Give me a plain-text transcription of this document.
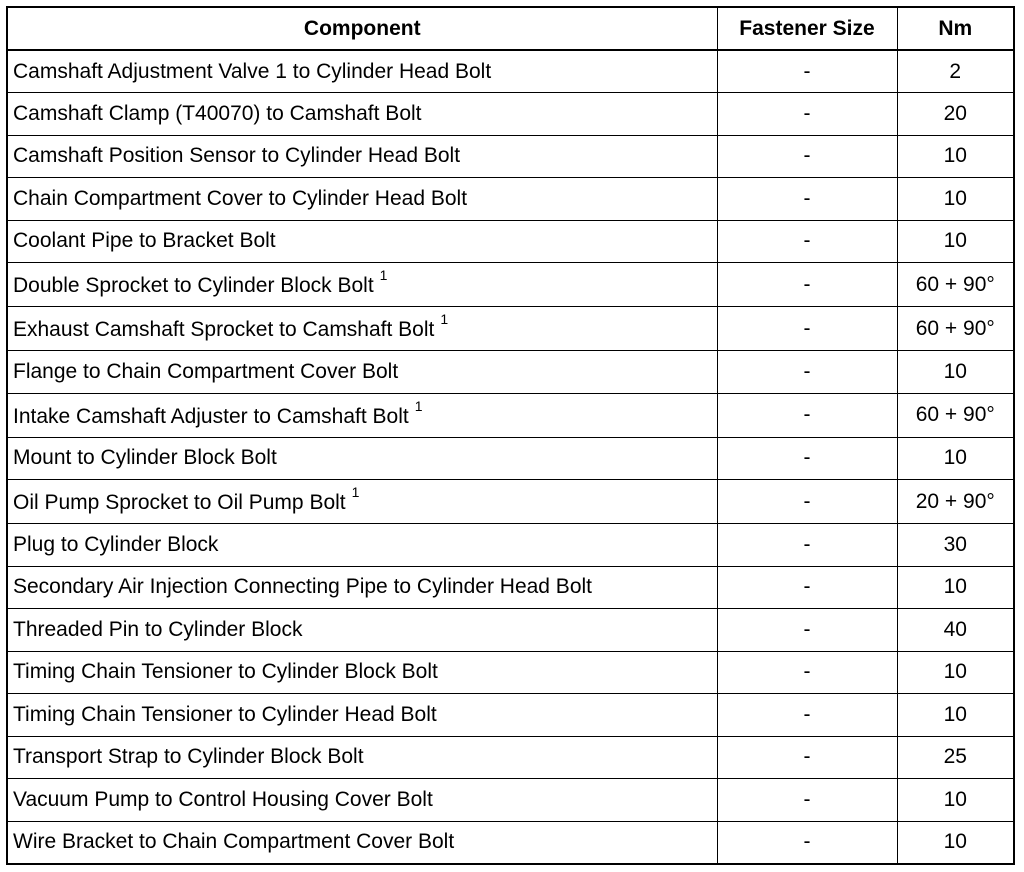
Component	Fastener Size	Nm
Camshaft Adjustment Valve 1 to Cylinder Head Bolt	-	2
Camshaft Clamp (T40070) to Camshaft Bolt	-	20
Camshaft Position Sensor to Cylinder Head Bolt	-	10
Chain Compartment Cover to Cylinder Head Bolt	-	10
Coolant Pipe to Bracket Bolt	-	10
Double Sprocket to Cylinder Block Bolt $^1$	-	60 + 90°
Exhaust Camshaft Sprocket to Camshaft Bolt $^1$	-	60 + 90°
Flange to Chain Compartment Cover Bolt	-	10
Intake Camshaft Adjuster to Camshaft Bolt $^1$	-	60 + 90°
Mount to Cylinder Block Bolt	-	10
Oil Pump Sprocket to Oil Pump Bolt $^1$	-	20 + 90°
Plug to Cylinder Block	-	30
Secondary Air Injection Connecting Pipe to Cylinder Head Bolt	-	10
Threaded Pin to Cylinder Block	-	40
Timing Chain Tensioner to Cylinder Block Bolt	-	10
Timing Chain Tensioner to Cylinder Head Bolt	-	10
Transport Strap to Cylinder Block Bolt	-	25
Vacuum Pump to Control Housing Cover Bolt	-	10
Wire Bracket to Chain Compartment Cover Bolt	-	10
